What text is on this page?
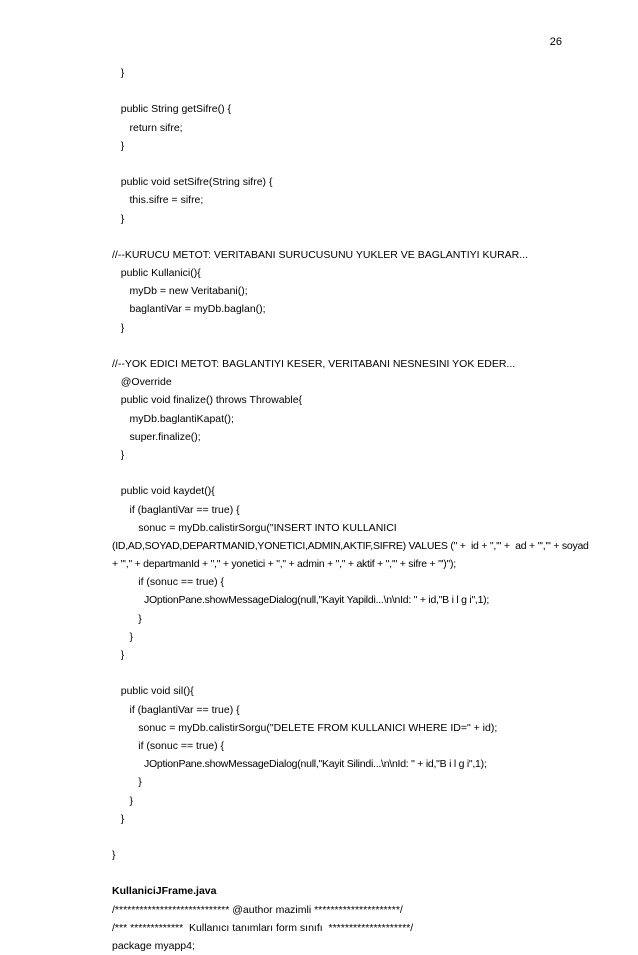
26
}
public String getSifre() {
return sifre;
}
public void setSifre(String sifre) {
this.sifre = sifre;
}
//--KURUCU METOT: VERITABANI SURUCUSUNU YUKLER VE BAGLANTIYI KURAR...
public Kullanici(){
myDb = new Veritabani();
baglantiVar = myDb.baglan();
}
//--YOK EDICI METOT: BAGLANTIYI KESER, VERITABANI NESNESINI YOK EDER...
@Override
public void finalize() throws Throwable{
myDb.baglantiKapat();
super.finalize();
}
public void kaydet(){
if (baglantiVar == true) {
sonuc = myDb.calistirSorgu("INSERT INTO KULLANICI
(ID,AD,SOYAD,DEPARTMANID,YONETICI,ADMIN,AKTIF,SIFRE) VALUES (" +  id + ",'" +  ad + "','" + soyad
+ "'," + departmanId + "," + yonetici + "," + admin + "," + aktif + ",'" + sifre + "')");
if (sonuc == true) {
JOptionPane.showMessageDialog(null,"Kayit Yapildi...\n\nId: " + id,"B i l g i",1);
}
}
}
public void sil(){
if (baglantiVar == true) {
sonuc = myDb.calistirSorgu("DELETE FROM KULLANICI WHERE ID=" + id);
if (sonuc == true) {
JOptionPane.showMessageDialog(null,"Kayit Silindi...\n\nId: " + id,"B i l g i",1);
}
}
}
}
KullaniciJFrame.java
/**************************** @author mazimli *********************/
/*** *************  Kullanıcı tanımları form sınıfı  ********************/
package myapp4;
